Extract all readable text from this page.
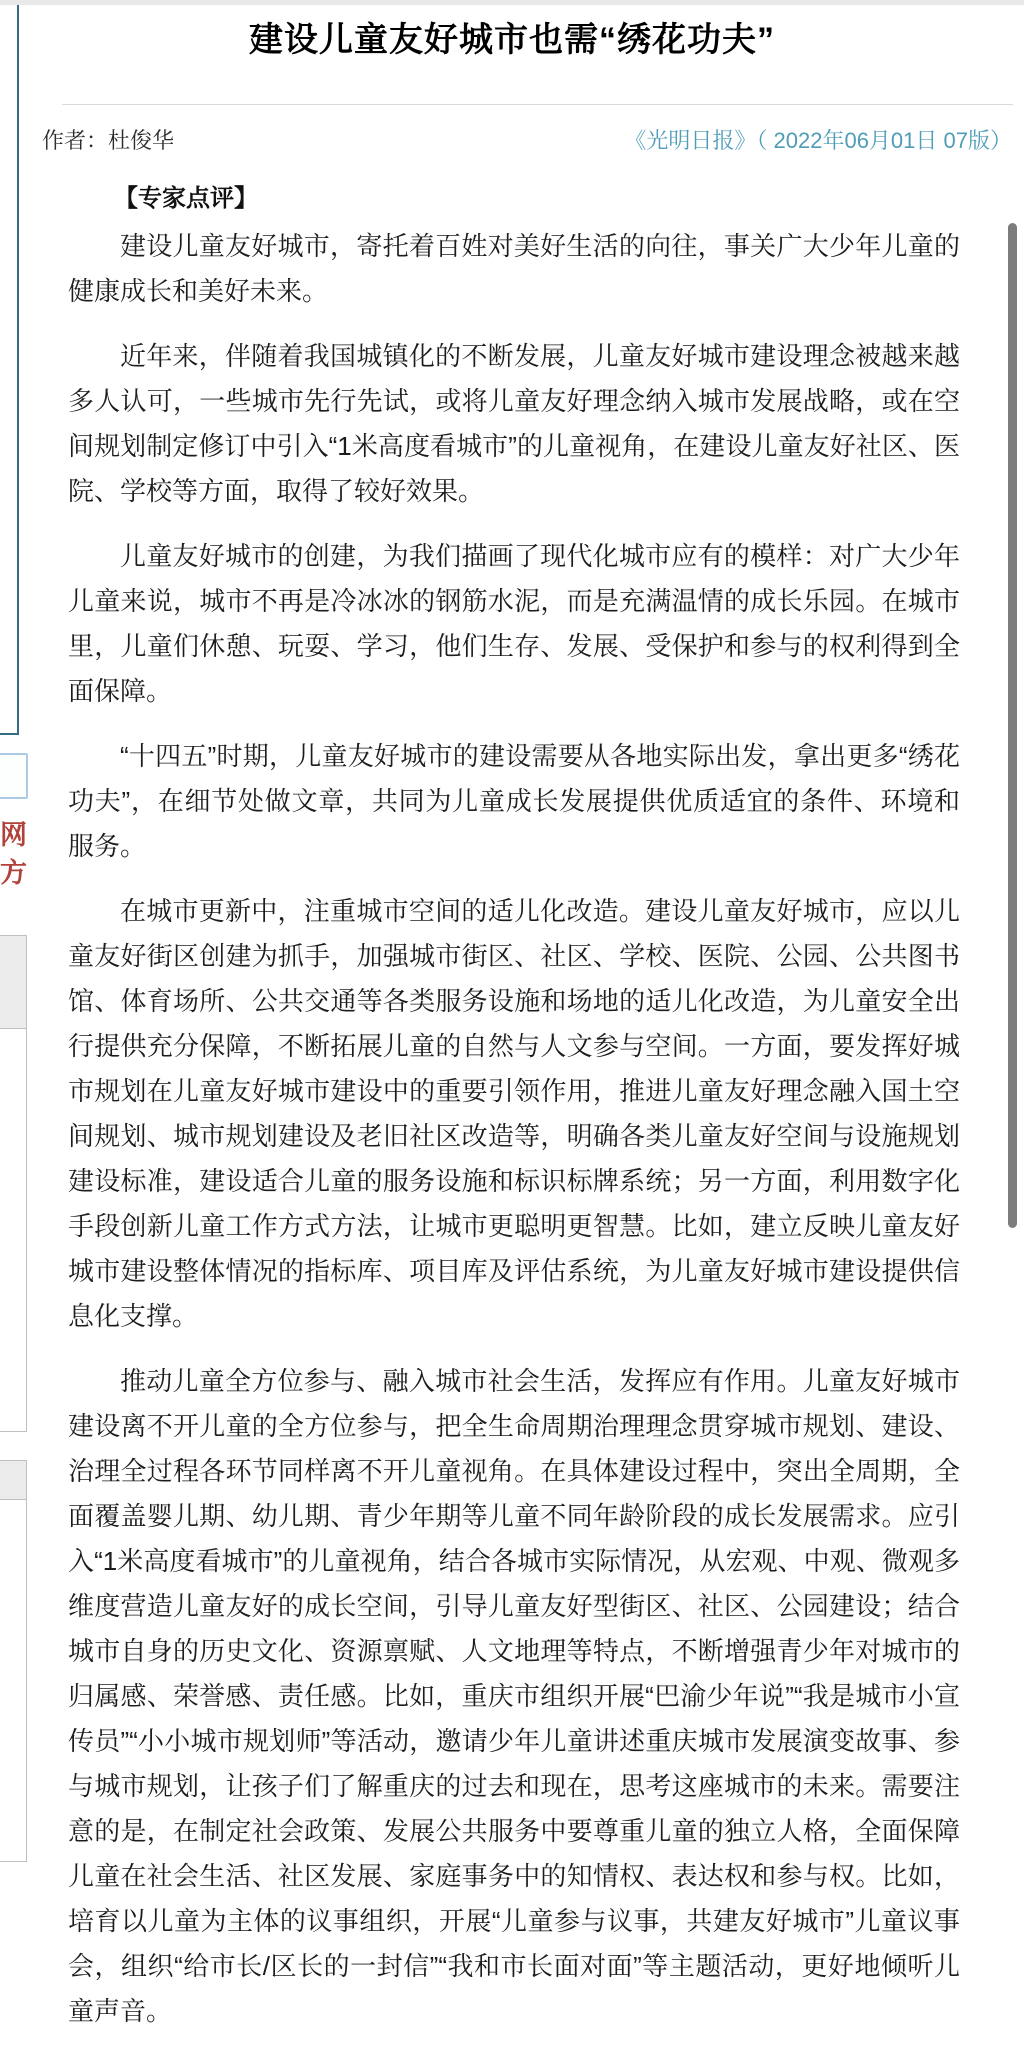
网
方
建设儿童友好城市也需“绣花功夫”
作者：杜俊华	《光明日报》（ 2022年06月01日 07版）
【专家点评】

建设儿童友好城市，寄托着百姓对美好生活的向往，事关广大少年儿童的健康成长和美好未来。

近年来，伴随着我国城镇化的不断发展，儿童友好城市建设理念被越来越多人认可，一些城市先行先试，或将儿童友好理念纳入城市发展战略，或在空间规划制定修订中引入“1米高度看城市”的儿童视角，在建设儿童友好社区、医院、学校等方面，取得了较好效果。

儿童友好城市的创建，为我们描画了现代化城市应有的模样：对广大少年儿童来说，城市不再是冷冰冰的钢筋水泥，而是充满温情的成长乐园。在城市里，儿童们休憩、玩耍、学习，他们生存、发展、受保护和参与的权利得到全面保障。

“十四五”时期，儿童友好城市的建设需要从各地实际出发，拿出更多“绣花功夫”，在细节处做文章，共同为儿童成长发展提供优质适宜的条件、环境和服务。

在城市更新中，注重城市空间的适儿化改造。建设儿童友好城市，应以儿童友好街区创建为抓手，加强城市街区、社区、学校、医院、公园、公共图书馆、体育场所、公共交通等各类服务设施和场地的适儿化改造，为儿童安全出行提供充分保障，不断拓展儿童的自然与人文参与空间。一方面，要发挥好城市规划在儿童友好城市建设中的重要引领作用，推进儿童友好理念融入国土空间规划、城市规划建设及老旧社区改造等，明确各类儿童友好空间与设施规划建设标准，建设适合儿童的服务设施和标识标牌系统；另一方面，利用数字化手段创新儿童工作方式方法，让城市更聪明更智慧。比如，建立反映儿童友好城市建设整体情况的指标库、项目库及评估系统，为儿童友好城市建设提供信息化支撑。

推动儿童全方位参与、融入城市社会生活，发挥应有作用。儿童友好城市建设离不开儿童的全方位参与，把全生命周期治理理念贯穿城市规划、建设、治理全过程各环节同样离不开儿童视角。在具体建设过程中，突出全周期，全面覆盖婴儿期、幼儿期、青少年期等儿童不同年龄阶段的成长发展需求。应引入“1米高度看城市”的儿童视角，结合各城市实际情况，从宏观、中观、微观多维度营造儿童友好的成长空间，引导儿童友好型街区、社区、公园建设；结合城市自身的历史文化、资源禀赋、人文地理等特点，不断增强青少年对城市的归属感、荣誉感、责任感。比如，重庆市组织开展“巴渝少年说”“我是城市小宣传员”“小小城市规划师”等活动，邀请少年儿童讲述重庆城市发展演变故事、参与城市规划，让孩子们了解重庆的过去和现在，思考这座城市的未来。需要注意的是，在制定社会政策、发展公共服务中要尊重儿童的独立人格，全面保障儿童在社会生活、社区发展、家庭事务中的知情权、表达权和参与权。比如，培育以儿童为主体的议事组织，开展“儿童参与议事，共建友好城市”儿童议事会，组织“给市长/区长的一封信”“我和市长面对面”等主题活动，更好地倾听儿童声音。
